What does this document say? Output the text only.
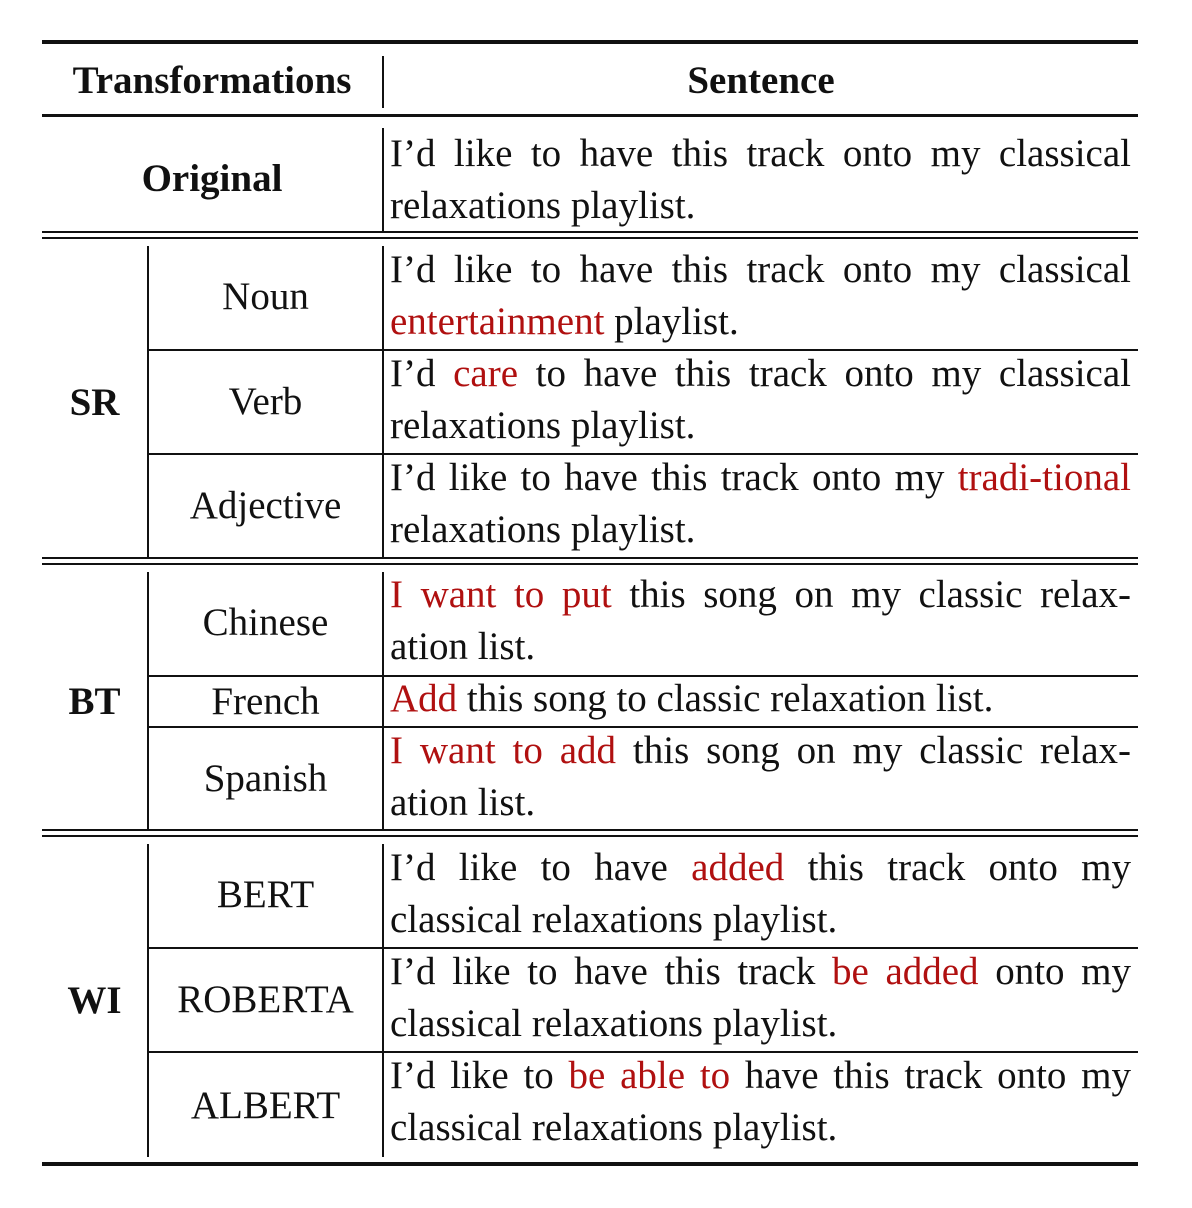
Transformations	Sentence
Original
I’d like to have this track onto my classical relaxations playlist.
SR
BT
WI
Noun
I’d like to have this track onto my classical entertainment playlist.
Verb
I’d care to have this track onto my classical relaxations playlist.
Adjective
I’d like to have this track onto my tradi-​tional relaxations playlist.
Chinese
I want to put this song on my classic relax-​ation list.
French	Add this song to classic relaxation list.
Spanish
I want to add this song on my classic relax-​ation list.
BERT
I’d like to have added this track onto my classical relaxations playlist.
ROBERTA
I’d like to have this track be added onto my classical relaxations playlist.
ALBERT
I’d like to be able to have this track onto my classical relaxations playlist.
